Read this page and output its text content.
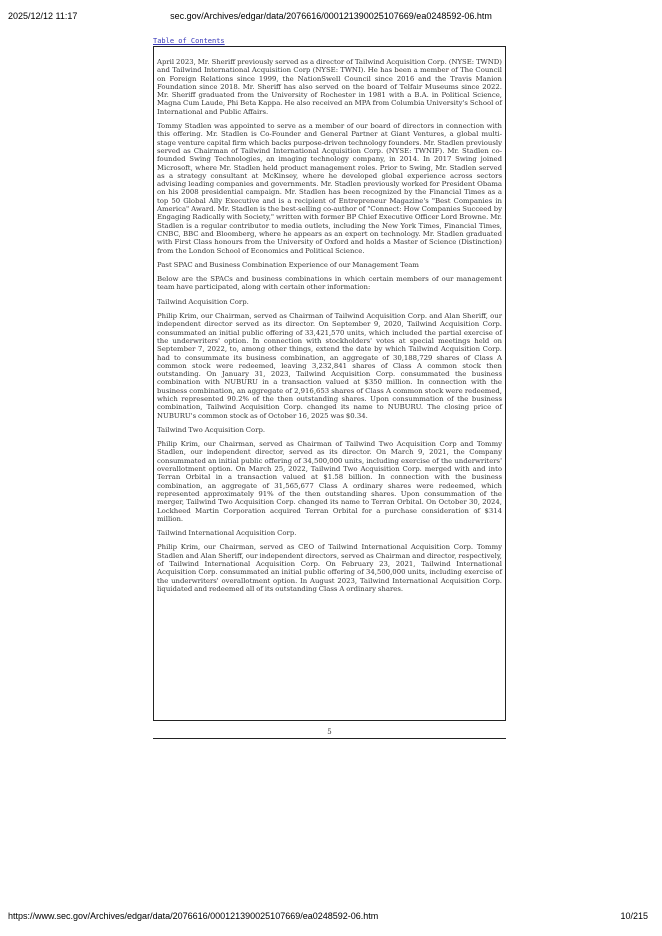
2025/12/12 11:17	sec.gov/Archives/edgar/data/2076616/000121390025107669/ea0248592-06.htm
Table of Contents

April 2023, Mr. Sheriff previously served as a director of Tailwind Acquisition Corp. (NYSE: TWND) and Tailwind International Acquisition Corp (NYSE: TWNI). He has been a member of The Council on Foreign Relations since 1999, the NationSwell Council since 2016 and the Travis Manion Foundation since 2018. Mr. Sheriff has also served on the board of Telfair Museums since 2022. Mr. Sheriff graduated from the University of Rochester in 1981 with a B.A. in Political Science, Magna Cum Laude, Phi Beta Kappa. He also received an MPA from Columbia University's School of International and Public Affairs.

Tommy Stadlen was appointed to serve as a member of our board of directors in connection with this offering. Mr. Stadlen is Co-Founder and General Partner at Giant Ventures, a global multi-stage venture capital firm which backs purpose-driven technology founders. Mr. Stadlen previously served as Chairman of Tailwind International Acquisition Corp. (NYSE: TWNIF). Mr. Stadlen co-founded Swing Technologies, an imaging technology company, in 2014. In 2017 Swing joined Microsoft, where Mr. Stadlen held product management roles. Prior to Swing, Mr. Stadlen served as a strategy consultant at McKinsey, where he developed global experience across sectors advising leading companies and governments. Mr. Stadlen previously worked for President Obama on his 2008 presidential campaign. Mr. Stadlen has been recognized by the Financial Times as a top 50 Global Ally Executive and is a recipient of Entrepreneur Magazine's "Best Companies in America" Award. Mr. Stadlen is the best-selling co-author of "Connect: How Companies Succeed by Engaging Radically with Society," written with former BP Chief Executive Officer Lord Browne. Mr. Stadlen is a regular contributor to media outlets, including the New York Times, Financial Times, CNBC, BBC and Bloomberg, where he appears as an expert on technology. Mr. Stadlen graduated with First Class honours from the University of Oxford and holds a Master of Science (Distinction) from the London School of Economics and Political Science.

Past SPAC and Business Combination Experience of our Management Team

Below are the SPACs and business combinations in which certain members of our management team have participated, along with certain other information:

Tailwind Acquisition Corp.

Philip Krim, our Chairman, served as Chairman of Tailwind Acquisition Corp. and Alan Sheriff, our independent director served as its director. On September 9, 2020, Tailwind Acquisition Corp. consummated an initial public offering of 33,421,570 units, which included the partial exercise of the underwriters' option. In connection with stockholders' votes at special meetings held on September 7, 2022, to, among other things, extend the date by which Tailwind Acquisition Corp. had to consummate its business combination, an aggregate of 30,188,729 shares of Class A common stock were redeemed, leaving 3,232,841 shares of Class A common stock then outstanding. On January 31, 2023, Tailwind Acquisition Corp. consummated the business combination with NUBURU in a transaction valued at $350 million. In connection with the business combination, an aggregate of 2,916,653 shares of Class A common stock were redeemed, which represented 90.2% of the then outstanding shares. Upon consummation of the business combination, Tailwind Acquisition Corp. changed its name to NUBURU. The closing price of NUBURU's common stock as of October 16, 2025 was $0.34.

Tailwind Two Acquisition Corp.

Philip Krim, our Chairman, served as Chairman of Tailwind Two Acquisition Corp and Tommy Stadlen, our independent director, served as its director. On March 9, 2021, the Company consummated an initial public offering of 34,500,000 units, including exercise of the underwriters' overallotment option. On March 25, 2022, Tailwind Two Acquisition Corp. merged with and into Terran Orbital in a transaction valued at $1.58 billion. In connection with the business combination, an aggregate of 31,565,677 Class A ordinary shares were redeemed, which represented approximately 91% of the then outstanding shares. Upon consummation of the merger, Tailwind Two Acquisition Corp. changed its name to Terran Orbital. On October 30, 2024, Lockheed Martin Corporation acquired Terran Orbital for a purchase consideration of $314 million.

Tailwind International Acquisition Corp.

Philip Krim, our Chairman, served as CEO of Tailwind International Acquisition Corp. Tommy Stadlen and Alan Sheriff, our independent directors, served as Chairman and director, respectively, of Tailwind International Acquisition Corp. On February 23, 2021, Tailwind International Acquisition Corp. consummated an initial public offering of 34,500,000 units, including exercise of the underwriters' overallotment option. In August 2023, Tailwind International Acquisition Corp. liquidated and redeemed all of its outstanding Class A ordinary shares.

5
https://www.sec.gov/Archives/edgar/data/2076616/000121390025107669/ea0248592-06.htm	10/215
